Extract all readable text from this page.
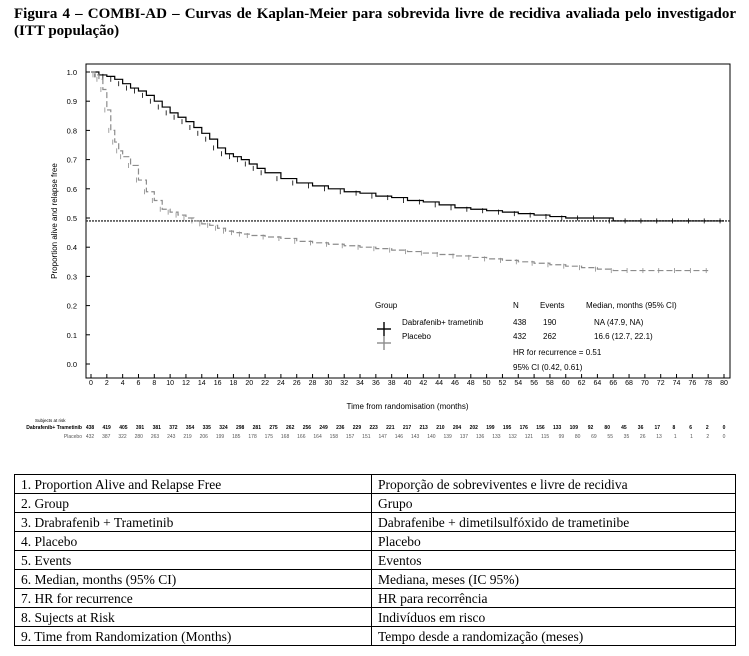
Figura 4 – COMBI-AD – Curvas de Kaplan-Meier para sobrevida livre de recidiva avaliada pelo investigador (ITT população)
0.0
0.1
0.2
0.3
0.4
0.5
0.6
0.7
0.8
0.9
1.0
0 2 4 6 8 10 12 14 16 18 20 22 24 26 28 30 32 34 36 38 40 42 44 46 48 50 52 54 56 58 60 62 64 66 68 70 72 74 76 78 80
Time from randomisation (months)
Proportion alive and relapse free
Group	N	Events	Median, months (95% CI)
Dabrafenib+ trametinib	438 190	NA (47.9, NA)
Placebo	432 262	16.6 (12.7, 22.1)
HR for recurrence = 0.51
95% CI (0.42, 0.61)
Subjects at risk
Dabrafenib+ Trametinib 438 419 405 391 381 372 354 335 324 298 281 275 262 256 249 236 229 223 221 217 213 210 204 202 199 195 176 156 133 109 92 80 45 36 17	8	6	2	0
Placebo 432 387 322 280 263 243 219 206 199 185 178 175 168 166 164 158 157 151 147 146 143 140 139 137 136 133 132 121 115 99 80 69 55 35 26 13 1	1	2	0
1. Proportion Alive and Relapse Free	Proporção de sobreviventes e livre de recidiva
2. Group	Grupo
3. Drabrafenib + Trametinib	Dabrafenibe + dimetilsulfóxido de trametinibe
4. Placebo	Placebo
5. Events	Eventos
6. Median, months (95% CI)	Mediana, meses (IC 95%)
7. HR for recurrence	HR para recorrência
8. Sujects at Risk	Indivíduos em risco
9. Time from Randomization (Months)	Tempo desde a randomização (meses)
